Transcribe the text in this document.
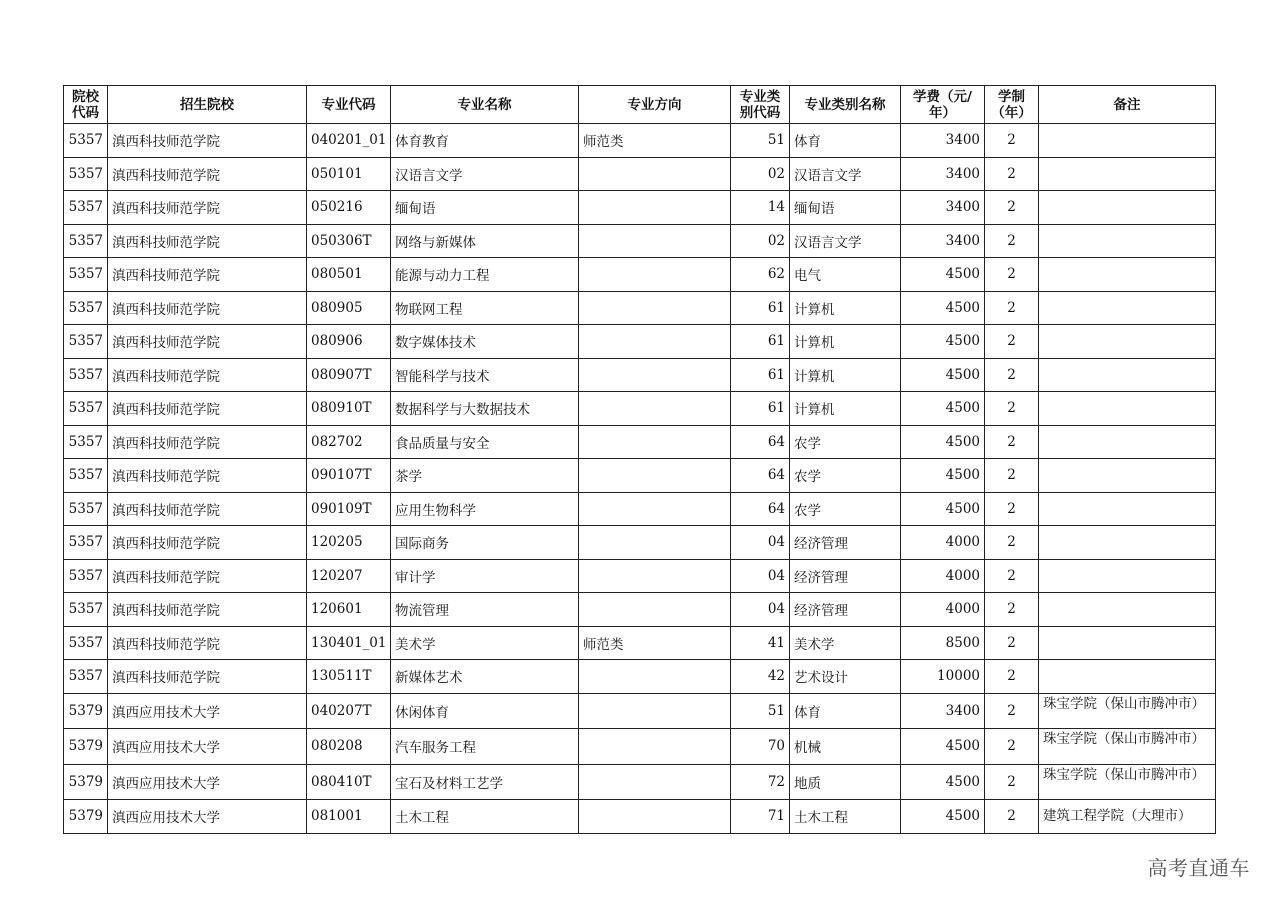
院校代码	招生院校	专业代码	专业名称	专业方向	专业类别代码	专业类别名称	学费（元/年）	学制（年）	备注
5357	滇西科技师范学院	040201_01	体育教育	师范类	51	体育	3400	2	
5357	滇西科技师范学院	050101	汉语言文学		02	汉语言文学	3400	2	
5357	滇西科技师范学院	050216	缅甸语		14	缅甸语	3400	2	
5357	滇西科技师范学院	050306T	网络与新媒体		02	汉语言文学	3400	2	
5357	滇西科技师范学院	080501	能源与动力工程		62	电气	4500	2	
5357	滇西科技师范学院	080905	物联网工程		61	计算机	4500	2	
5357	滇西科技师范学院	080906	数字媒体技术		61	计算机	4500	2	
5357	滇西科技师范学院	080907T	智能科学与技术		61	计算机	4500	2	
5357	滇西科技师范学院	080910T	数据科学与大数据技术		61	计算机	4500	2	
5357	滇西科技师范学院	082702	食品质量与安全		64	农学	4500	2	
5357	滇西科技师范学院	090107T	茶学		64	农学	4500	2	
5357	滇西科技师范学院	090109T	应用生物科学		64	农学	4500	2	
5357	滇西科技师范学院	120205	国际商务		04	经济管理	4000	2	
5357	滇西科技师范学院	120207	审计学		04	经济管理	4000	2	
5357	滇西科技师范学院	120601	物流管理		04	经济管理	4000	2	
5357	滇西科技师范学院	130401_01	美术学	师范类	41	美术学	8500	2	
5357	滇西科技师范学院	130511T	新媒体艺术		42	艺术设计	10000	2	
5379	滇西应用技术大学	040207T	休闲体育		51	体育	3400	2	珠宝学院（保山市腾冲市）

5379	滇西应用技术大学	080208	汽车服务工程		70	机械	4500	2	珠宝学院（保山市腾冲市）

5379	滇西应用技术大学	080410T	宝石及材料工艺学		72	地质	4500	2	珠宝学院（保山市腾冲市）

5379	滇西应用技术大学	081001	土木工程		71	土木工程	4500	2	建筑工程学院（大理市）
高考直通车
